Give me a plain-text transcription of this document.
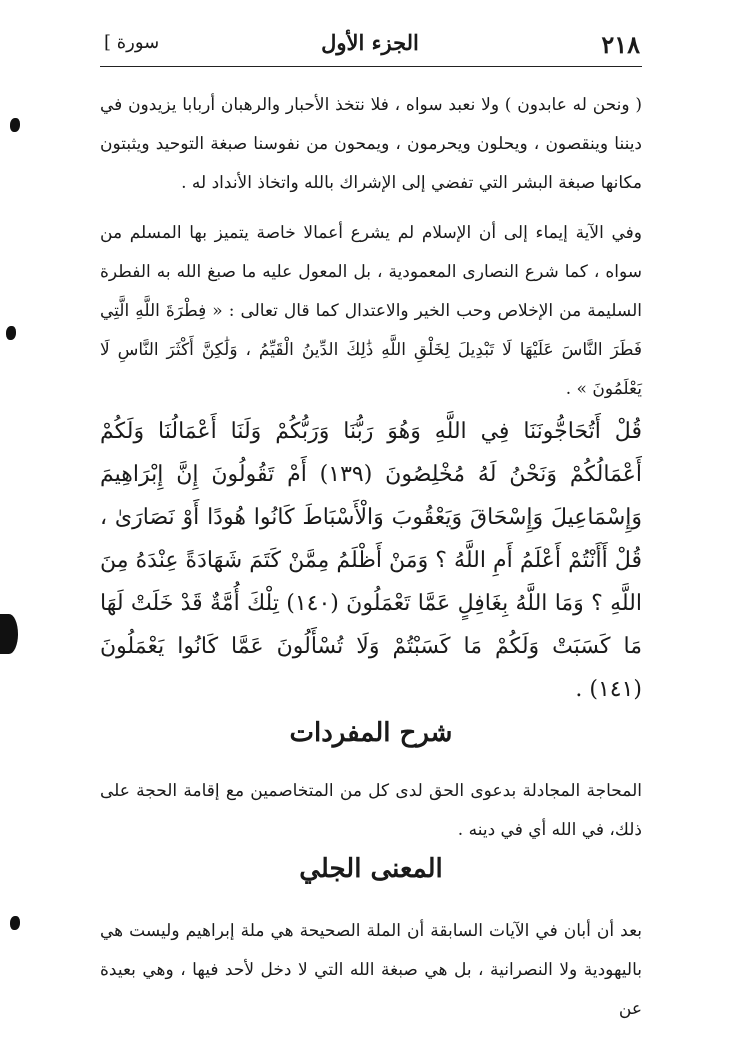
[ سورة	الجزء الأول	٢١٨

( ونحن له عابدون ) ولا نعبد سواه ، فلا نتخذ الأحبار والرهبان أربابا يزيدون في ديننا وينقصون ، ويحلون ويحرمون ، ويمحون من نفوسنا صبغة التوحيد ويثبتون مكانها صبغة البشر التي تفضي إلى الإشراك بالله واتخاذ الأنداد له .

وفي الآية إيماء إلى أن الإسلام لم يشرع أعمالا خاصة يتميز بها المسلم من سواه ، كما شرع النصارى المعمودية ، بل المعول عليه ما صبغ الله به الفطرة السليمة من الإخلاص وحب الخير والاعتدال كما قال تعالى : « فِطْرَةَ اللَّهِ الَّتِي فَطَرَ النَّاسَ عَلَيْهَا لَا تَبْدِيلَ لِخَلْقِ اللَّهِ ذَٰلِكَ الدِّينُ الْقَيِّمُ ، وَلَٰكِنَّ أَكْثَرَ النَّاسِ لَا يَعْلَمُونَ » .

قُلْ أَتُحَاجُّونَنَا فِي اللَّهِ وَهُوَ رَبُّنَا وَرَبُّكُمْ وَلَنَا أَعْمَالُنَا وَلَكُمْ أَعْمَالُكُمْ وَنَحْنُ لَهُ مُخْلِصُونَ (١٣٩) أَمْ تَقُولُونَ إِنَّ إِبْرَاهِيمَ وَإِسْمَاعِيلَ وَإِسْحَاقَ وَيَعْقُوبَ وَالْأَسْبَاطَ كَانُوا هُودًا أَوْ نَصَارَىٰ ، قُلْ أَأَنْتُمْ أَعْلَمُ أَمِ اللَّهُ ؟ وَمَنْ أَظْلَمُ مِمَّنْ كَتَمَ شَهَادَةً عِنْدَهُ مِنَ اللَّهِ ؟ وَمَا اللَّهُ بِغَافِلٍ عَمَّا تَعْمَلُونَ (١٤٠) تِلْكَ أُمَّةٌ قَدْ خَلَتْ لَهَا مَا كَسَبَتْ وَلَكُمْ مَا كَسَبْتُمْ وَلَا تُسْأَلُونَ عَمَّا كَانُوا يَعْمَلُونَ (١٤١) .

شرح المفردات

المحاجة المجادلة بدعوى الحق لدى كل من المتخاصمين مع إقامة الحجة على ذلك، في الله أي في دينه .

المعنى الجلي

بعد أن أبان في الآيات السابقة أن الملة الصحيحة هي ملة إبراهيم وليست هي باليهودية ولا النصرانية ، بل هي صبغة الله التي لا دخل لأحد فيها ، وهي بعيدة عن
